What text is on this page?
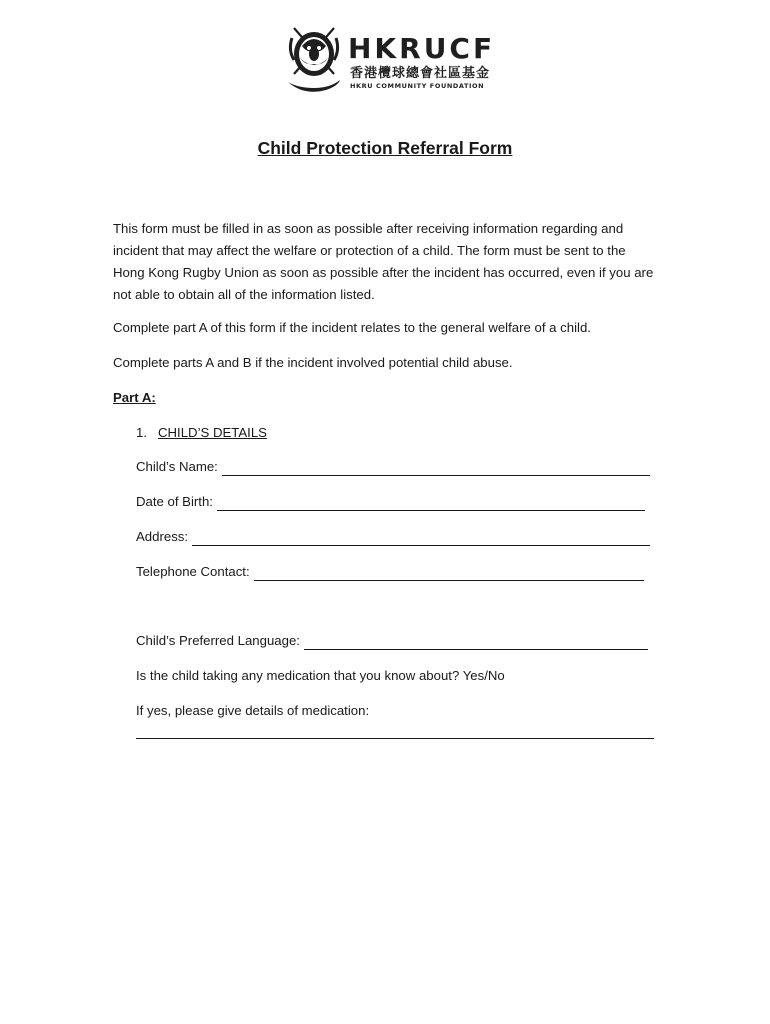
HKRUCF
香港欖球總會社區基金
HKRU COMMUNITY FOUNDATION
Child Protection Referral Form
This form must be filled in as soon as possible after receiving information regarding and incident that may affect the welfare or protection of a child. The form must be sent to the Hong Kong Rugby Union as soon as possible after the incident has occurred, even if you are not able to obtain all of the information listed.
Complete part A of this form if the incident relates to the general welfare of a child.
Complete parts A and B if the incident involved potential child abuse.
Part A:
1. CHILD’S DETAILS
Child’s Name:
Date of Birth:
Address:
Telephone Contact:
Child’s Preferred Language:
Is the child taking any medication that you know about? Yes/No
If yes, please give details of medication:
